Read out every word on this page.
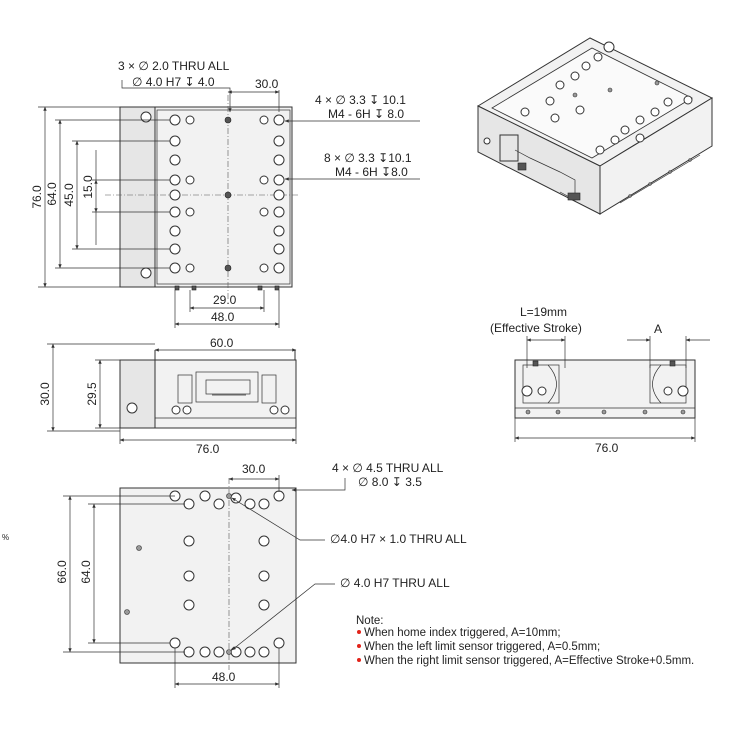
3 × ∅ 2.0 THRU ALL
∅ 4.0 H7 ↧ 4.0	30.0
4 × ∅ 3.3 ↧ 10.1
M4 - 6H ↧ 8.0
8 × ∅ 3.3 ↧10.1
M4 - 6H ↧8.0
76.0 64.0 45.0 15.0
29.0
48.0
60.0
30.0	29.5
76.0
L=19mm
(Effective Stroke)	A
76.0
30.0	4 × ∅ 4.5 THRU ALL
∅ 8.0 ↧ 3.5
∅4.0 H7 × 1.0 THRU ALL
∅ 4.0 H7 THRU ALL
66.0 64.0
48.0
Note:
When home index triggered, A=10mm;
When the left limit sensor triggered, A=0.5mm;
When the right limit sensor triggered, A=Effective Stroke+0.5mm.
%
